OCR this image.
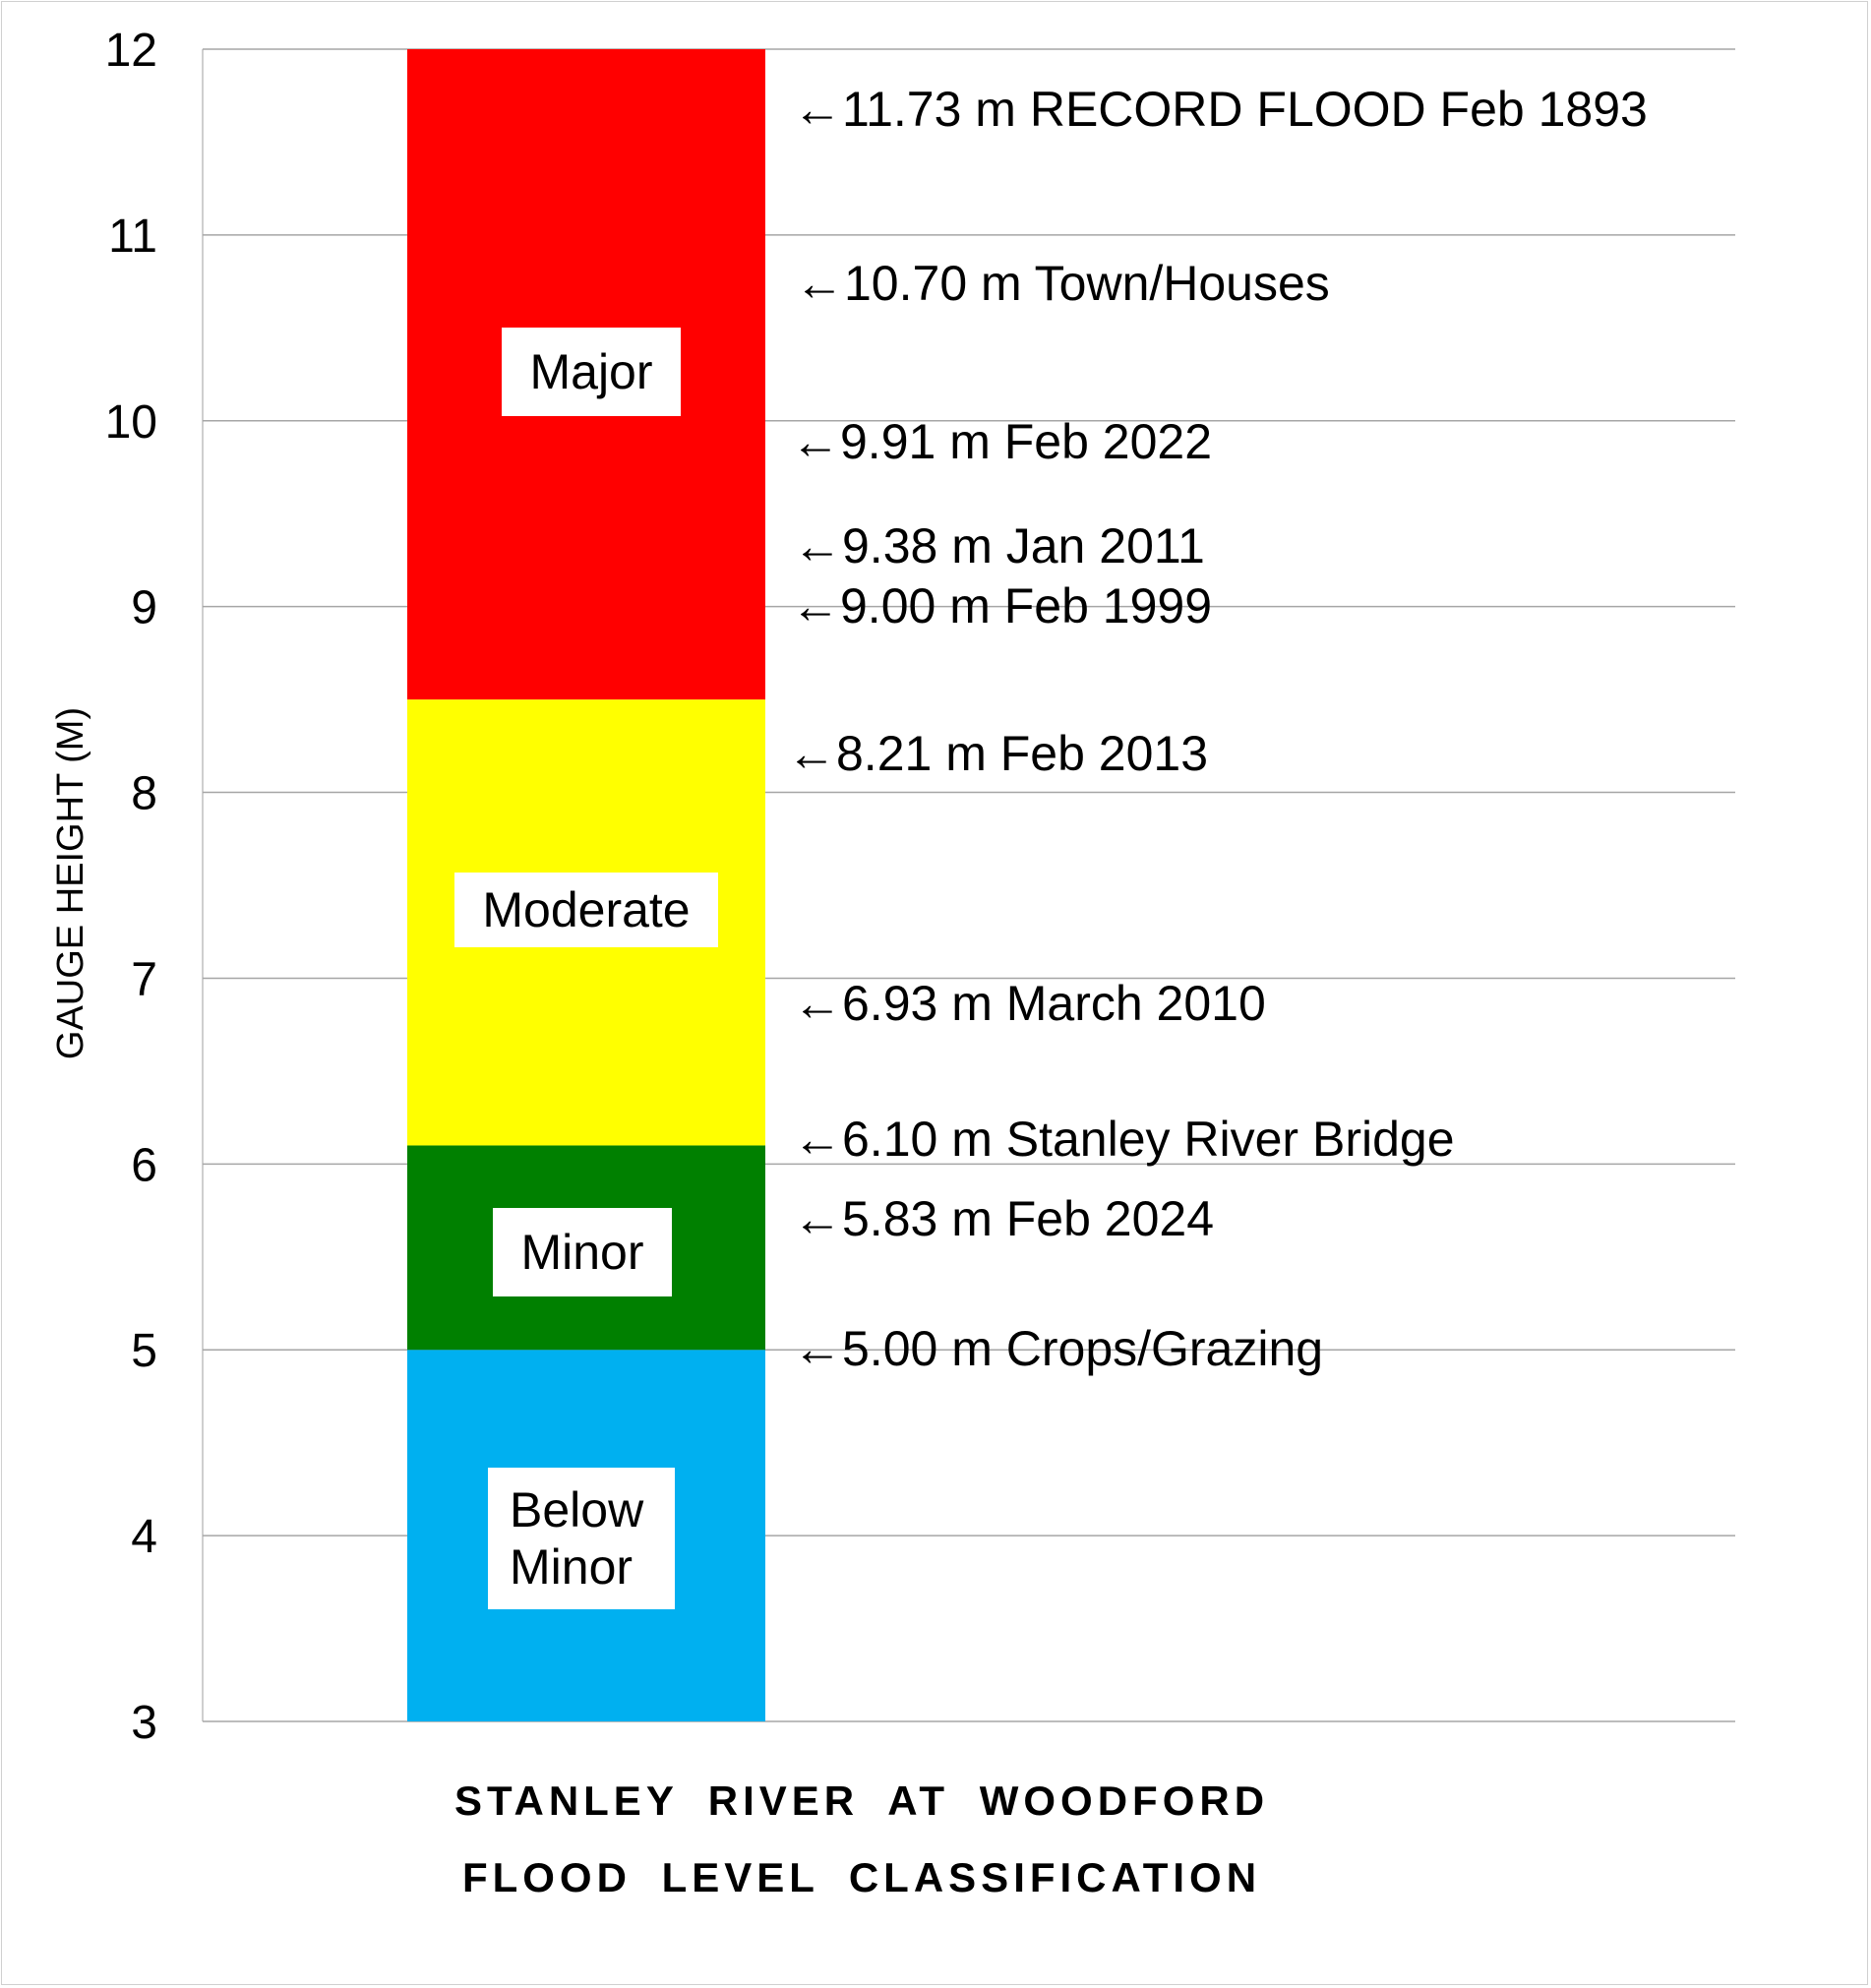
Below
Minor
Minor
Moderate
Major
3
4
5
6
7
8
9
10
11
12
←11.73 m RECORD FLOOD Feb 1893
←10.70 m Town/Houses
←9.91 m Feb 2022
←9.38 m Jan 2011
←9.00 m Feb 1999
←8.21 m Feb 2013
←6.93 m March 2010
←6.10 m Stanley River Bridge
←5.83 m Feb 2024
←5.00 m Crops/Grazing
GAUGE HEIGHT (M)
STANLEY RIVER AT WOODFORD
FLOOD LEVEL CLASSIFICATION
